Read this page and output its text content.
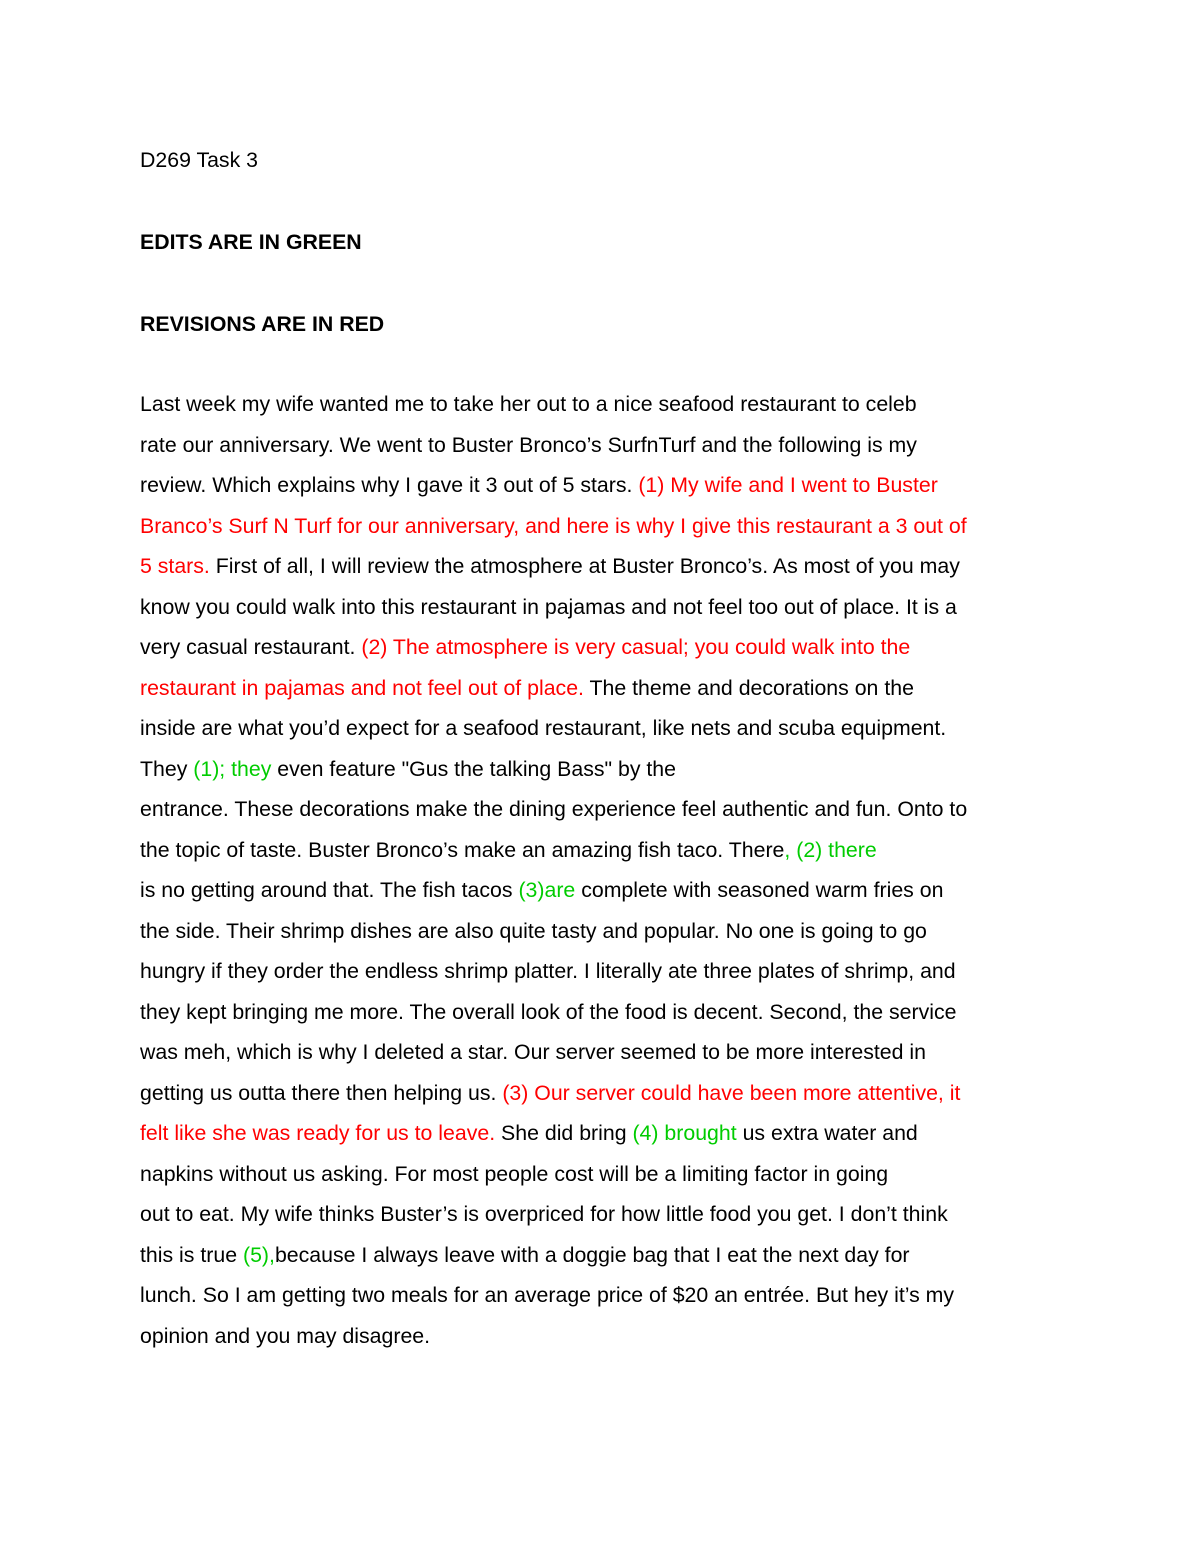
D269 Task 3
EDITS ARE IN GREEN
REVISIONS ARE IN RED
Last week my wife wanted me to take her out to a nice seafood restaurant to celeb
rate our anniversary. We went to Buster Bronco’s SurfnTurf and the following is my
review. Which explains why I gave it 3 out of 5 stars. (1) My wife and I went to Buster
Branco’s Surf N Turf for our anniversary, and here is why I give this restaurant a 3 out of
5 stars. First of all, I will review the atmosphere at Buster Bronco’s. As most of you may
know you could walk into this restaurant in pajamas and not feel too out of place. It is a
very casual restaurant. (2) The atmosphere is very casual; you could walk into the
restaurant in pajamas and not feel out of place. The theme and decorations on the
inside are what you’d expect for a seafood restaurant, like nets and scuba equipment.
They (1); they even feature "Gus the talking Bass" by the
entrance. These decorations make the dining experience feel authentic and fun. Onto to
the topic of taste. Buster Bronco’s make an amazing fish taco. There, (2) there
is no getting around that. The fish tacos (3)are complete with seasoned warm fries on
the side. Their shrimp dishes are also quite tasty and popular. No one is going to go
hungry if they order the endless shrimp platter. I literally ate three plates of shrimp, and
they kept bringing me more. The overall look of the food is decent. Second, the service
was meh, which is why I deleted a star. Our server seemed to be more interested in
getting us outta there then helping us. (3) Our server could have been more attentive, it
felt like she was ready for us to leave. She did bring (4) brought us extra water and
napkins without us asking. For most people cost will be a limiting factor in going
out to eat. My wife thinks Buster’s is overpriced for how little food you get. I don’t think
this is true (5),because I always leave with a doggie bag that I eat the next day for
lunch. So I am getting two meals for an average price of $20 an entrée. But hey it’s my
opinion and you may disagree.
